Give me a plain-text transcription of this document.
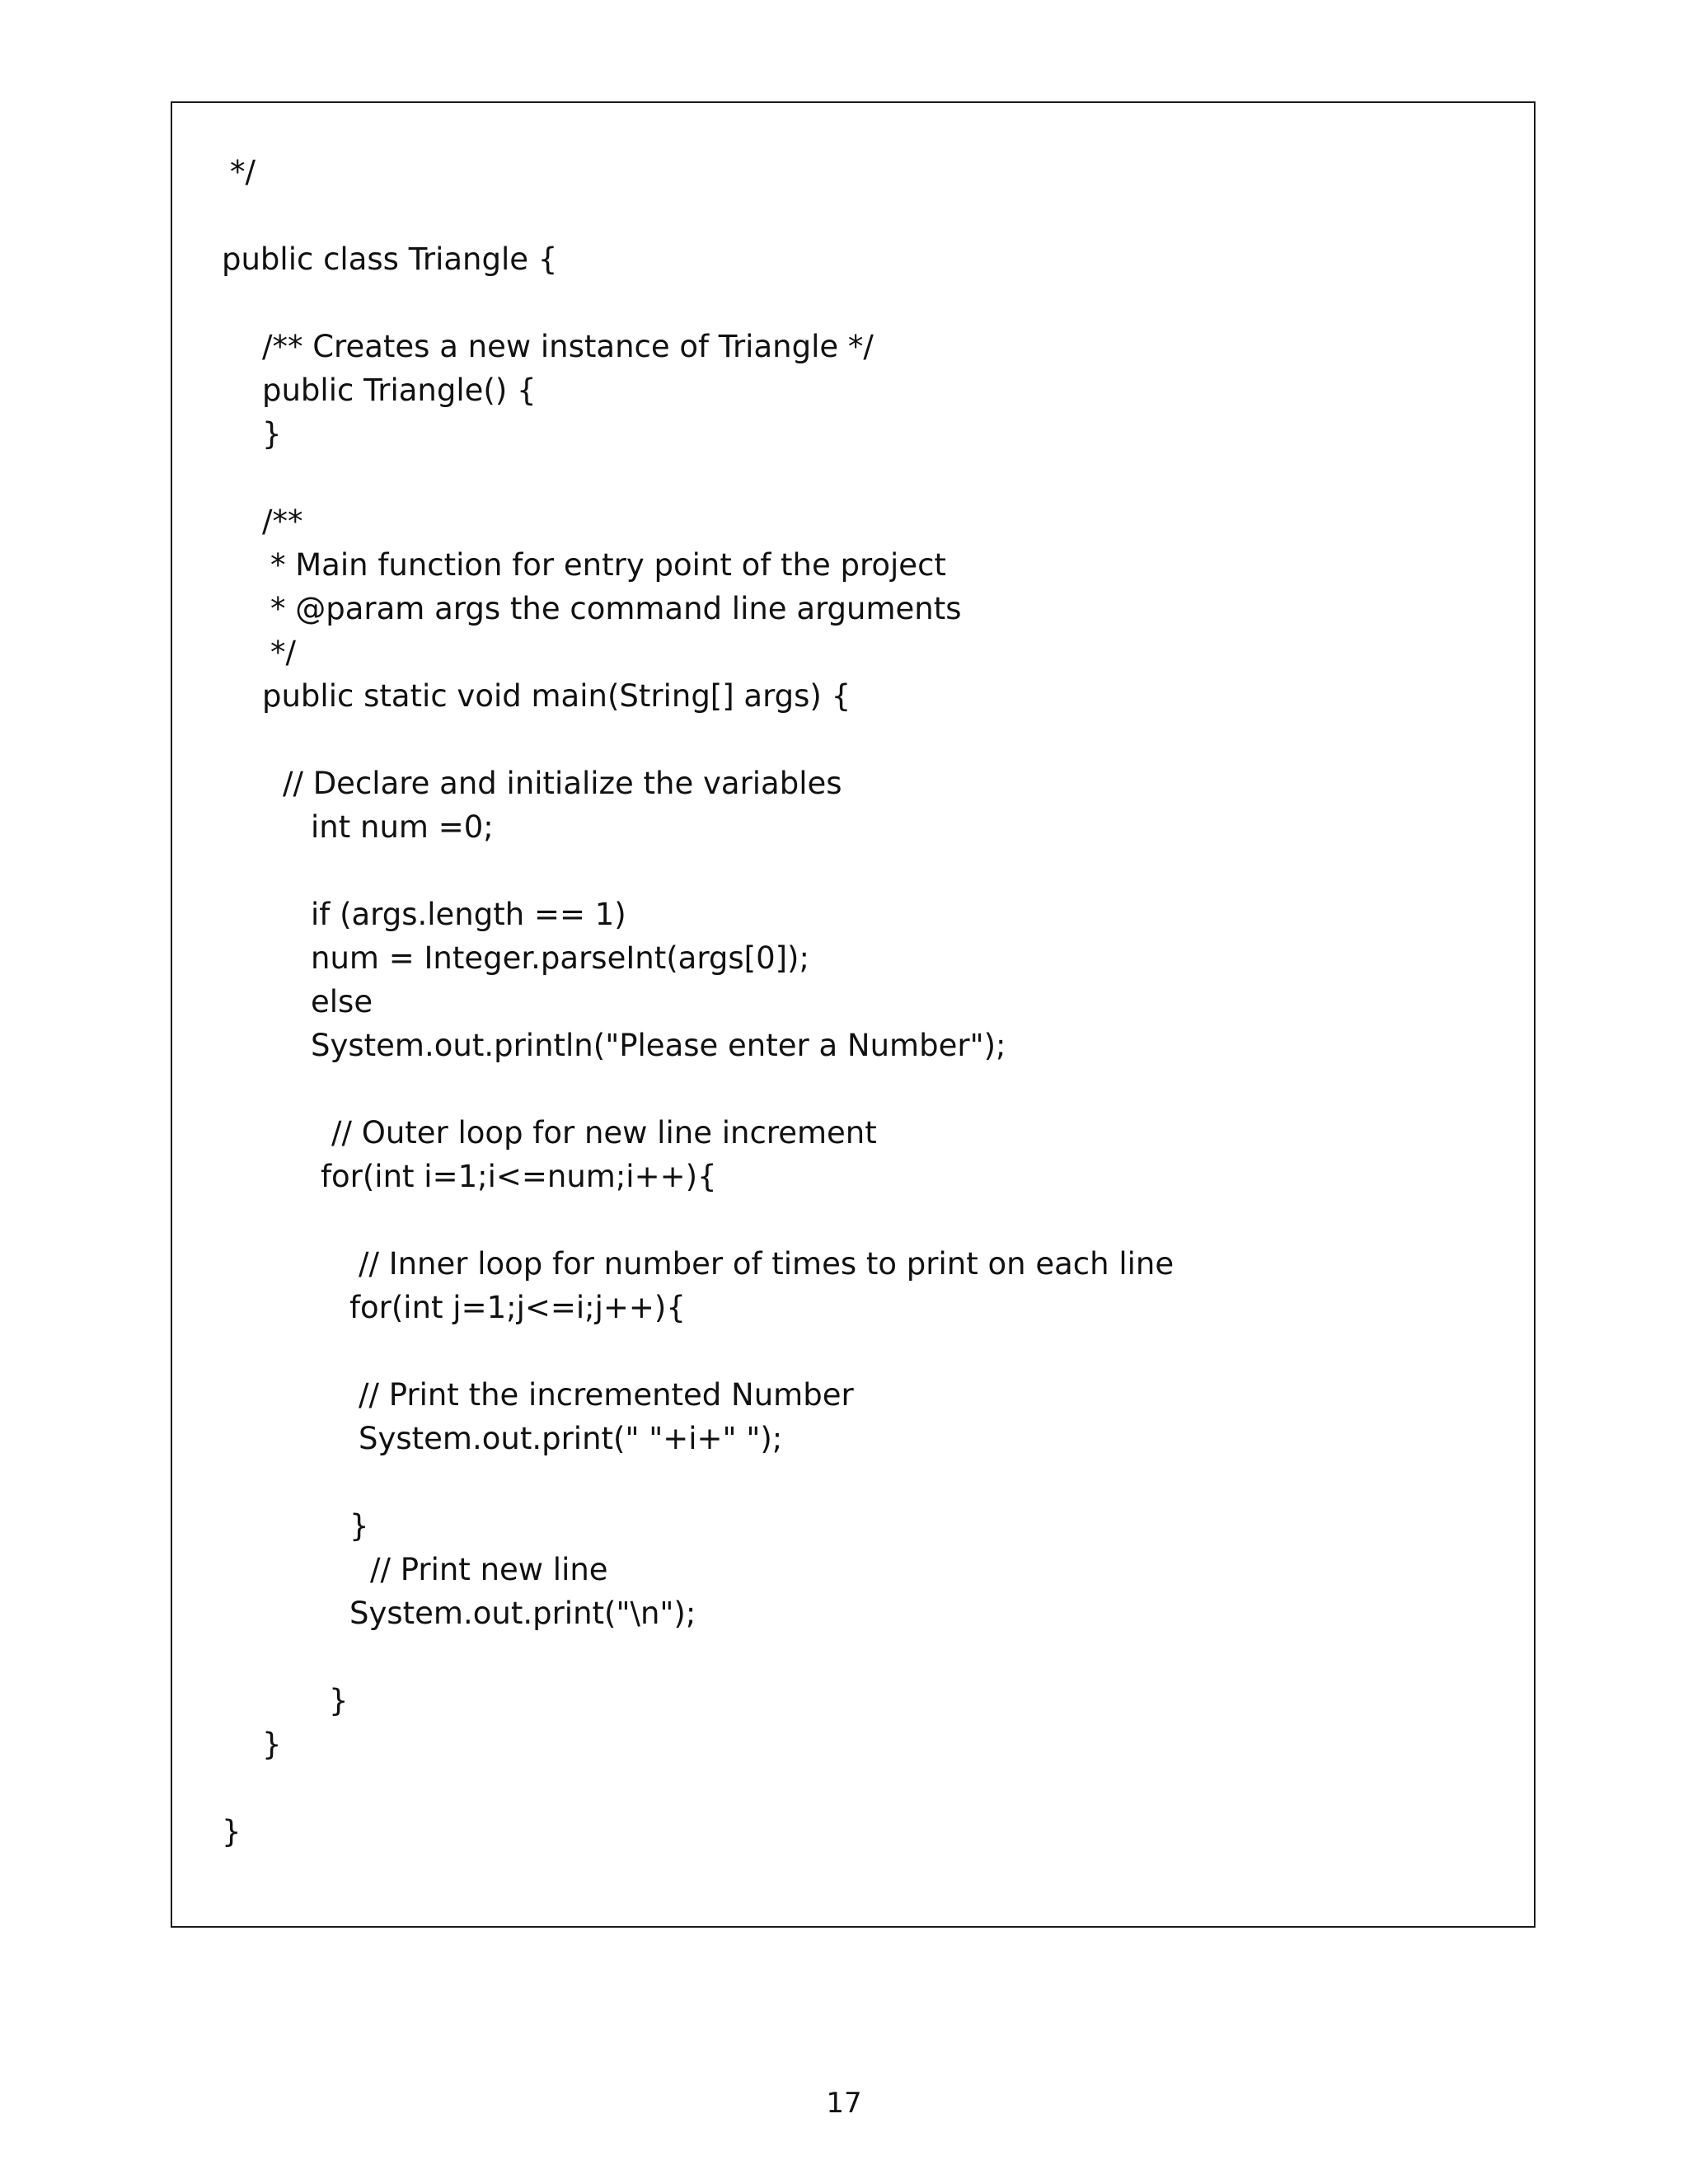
*/
public class Triangle {
/** Creates a new instance of Triangle */
public Triangle() {
}
/**
* Main function for entry point of the project
* @param args the command line arguments
*/
public static void main(String[] args) {
// Declare and initialize the variables
int num =0;
if (args.length == 1)
num = Integer.parseInt(args[0]);
else
System.out.println("Please enter a Number");
// Outer loop for new line increment
for(int i=1;i<=num;i++){
// Inner loop for number of times to print on each line
for(int j=1;j<=i;j++){
// Print the incremented Number
System.out.print(" "+i+" ");
}
// Print new line
System.out.print("\n");
}
}
}
17
